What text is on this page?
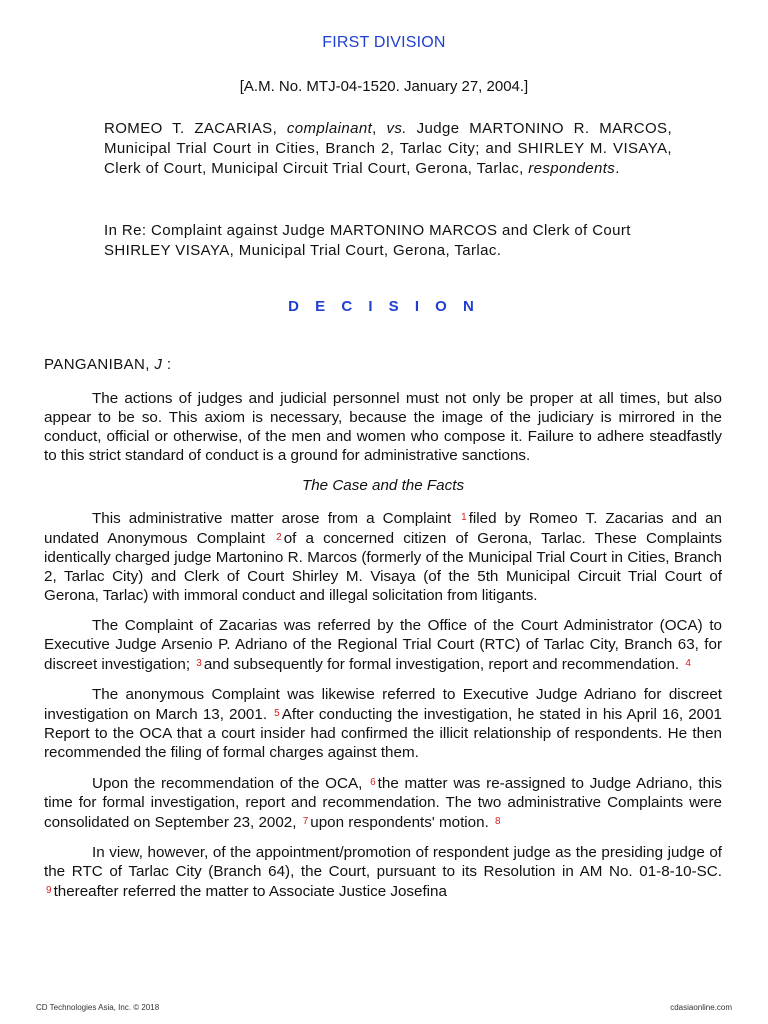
FIRST DIVISION
[A.M. No. MTJ-04-1520. January 27, 2004.]
ROMEO T. ZACARIAS, complainant, vs. Judge MARTONINO R. MARCOS, Municipal Trial Court in Cities, Branch 2, Tarlac City; and SHIRLEY M. VISAYA, Clerk of Court, Municipal Circuit Trial Court, Gerona, Tarlac, respondents.
In Re: Complaint against Judge MARTONINO MARCOS and Clerk of Court SHIRLEY VISAYA, Municipal Trial Court, Gerona, Tarlac.
D E C I S I O N
PANGANIBAN, J :

The actions of judges and judicial personnel must not only be proper at all times, but also appear to be so. This axiom is necessary, because the image of the judiciary is mirrored in the conduct, official or otherwise, of the men and women who compose it. Failure to adhere steadfastly to this strict standard of conduct is a ground for administrative sanctions.

The Case and the Facts

This administrative matter arose from a Complaint 1 filed by Romeo T. Zacarias and an undated Anonymous Complaint 2 of a concerned citizen of Gerona, Tarlac. These Complaints identically charged judge Martonino R. Marcos (formerly of the Municipal Trial Court in Cities, Branch 2, Tarlac City) and Clerk of Court Shirley M. Visaya (of the 5th Municipal Circuit Trial Court of Gerona, Tarlac) with immoral conduct and illegal solicitation from litigants.

The Complaint of Zacarias was referred by the Office of the Court Administrator (OCA) to Executive Judge Arsenio P. Adriano of the Regional Trial Court (RTC) of Tarlac City, Branch 63, for discreet investigation; 3 and subsequently for formal investigation, report and recommendation. 4

The anonymous Complaint was likewise referred to Executive Judge Adriano for discreet investigation on March 13, 2001. 5 After conducting the investigation, he stated in his April 16, 2001 Report to the OCA that a court insider had confirmed the illicit relationship of respondents. He then recommended the filing of formal charges against them.

Upon the recommendation of the OCA, 6 the matter was re-assigned to Judge Adriano, this time for formal investigation, report and recommendation. The two administrative Complaints were consolidated on September 23, 2002, 7 upon respondents' motion. 8

In view, however, of the appointment/promotion of respondent judge as the presiding judge of the RTC of Tarlac City (Branch 64), the Court, pursuant to its Resolution in AM No. 01-8-10-SC. 9 thereafter referred the matter to Associate Justice Josefina

CD Technologies Asia, Inc. © 2018	cdasiaonline.com
